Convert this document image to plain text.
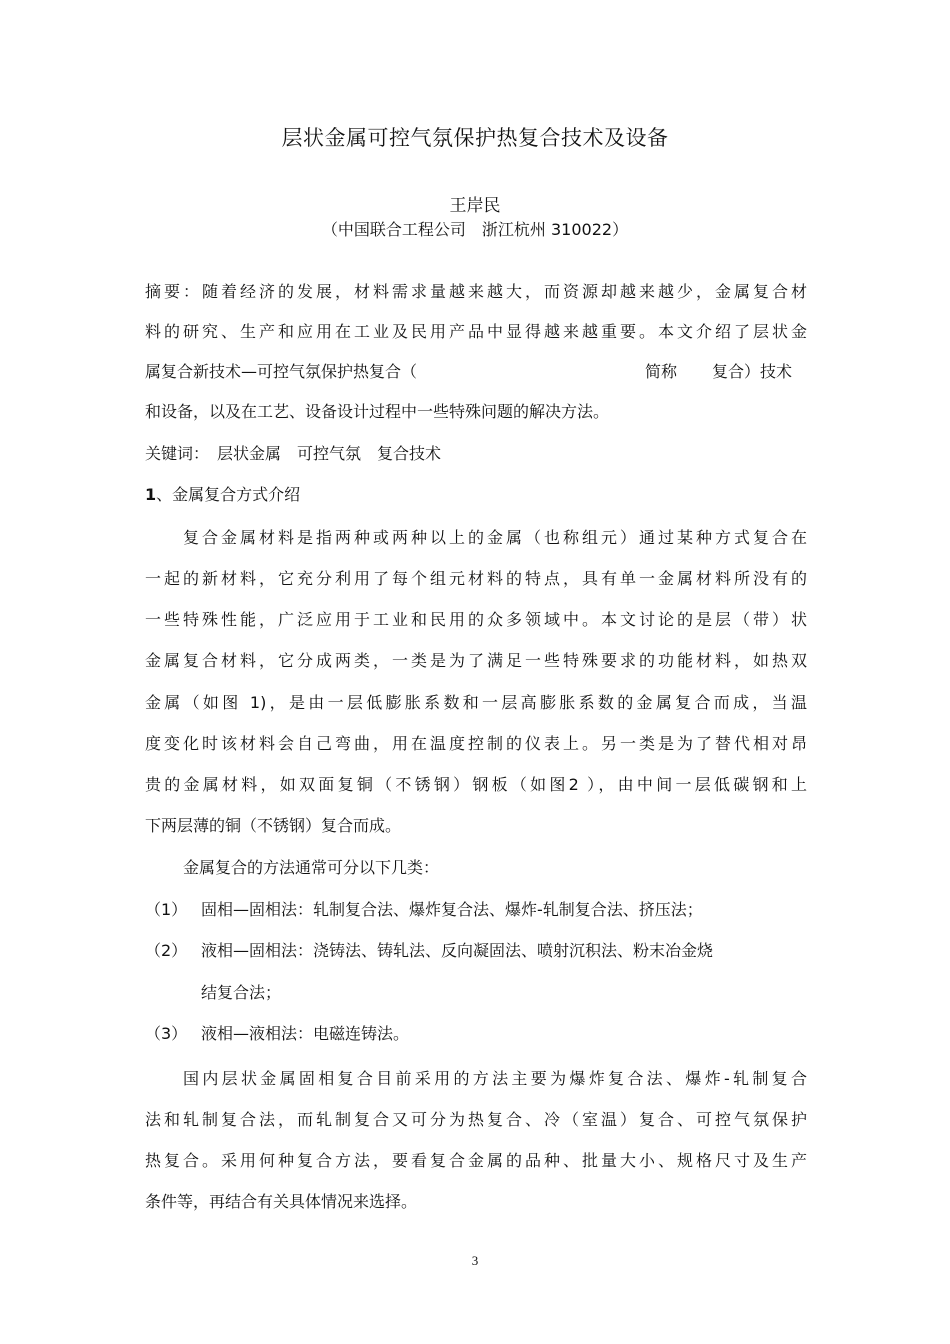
层状金属可控气氛保护热复合技术及设备
王岸民
（中国联合工程公司　浙江杭州 310022）
摘要：随着经济的发展，材料需求量越来越大，而资源却越来越少，金属复合材
料的研究、生产和应用在工业及民用产品中显得越来越重要。本文介绍了层状金
属复合新技术—可控气氛保护热复合（	简称 复合）技术
和设备，以及在工艺、设备设计过程中一些特殊问题的解决方法。
关键词：　层状金属　可控气氛　复合技术
1、金属复合方式介绍
复合金属材料是指两种或两种以上的金属（也称组元）通过某种方式复合在
一起的新材料，它充分利用了每个组元材料的特点，具有单一金属材料所没有的
一些特殊性能，广泛应用于工业和民用的众多领域中。本文讨论的是层（带）状
金属复合材料，它分成两类，一类是为了满足一些特殊要求的功能材料，如热双
金属（如图 1)，是由一层低膨胀系数和一层高膨胀系数的金属复合而成，当温
度变化时该材料会自己弯曲，用在温度控制的仪表上。另一类是为了替代相对昂
贵的金属材料，如双面复铜（不锈钢）钢板（如图2 ），由中间一层低碳钢和上
下两层薄的铜（不锈钢）复合而成。
金属复合的方法通常可分以下几类：
（1） 固相—固相法：轧制复合法、爆炸复合法、爆炸-轧制复合法、挤压法；
（2） 液相—固相法：浇铸法、铸轧法、反向凝固法、喷射沉积法、粉末冶金烧
结复合法；
（3） 液相—液相法：电磁连铸法。
国内层状金属固相复合目前采用的方法主要为爆炸复合法、爆炸-轧制复合
法和轧制复合法，而轧制复合又可分为热复合、冷（室温）复合、可控气氛保护
热复合。采用何种复合方法，要看复合金属的品种、批量大小、规格尺寸及生产
条件等，再结合有关具体情况来选择。
3
